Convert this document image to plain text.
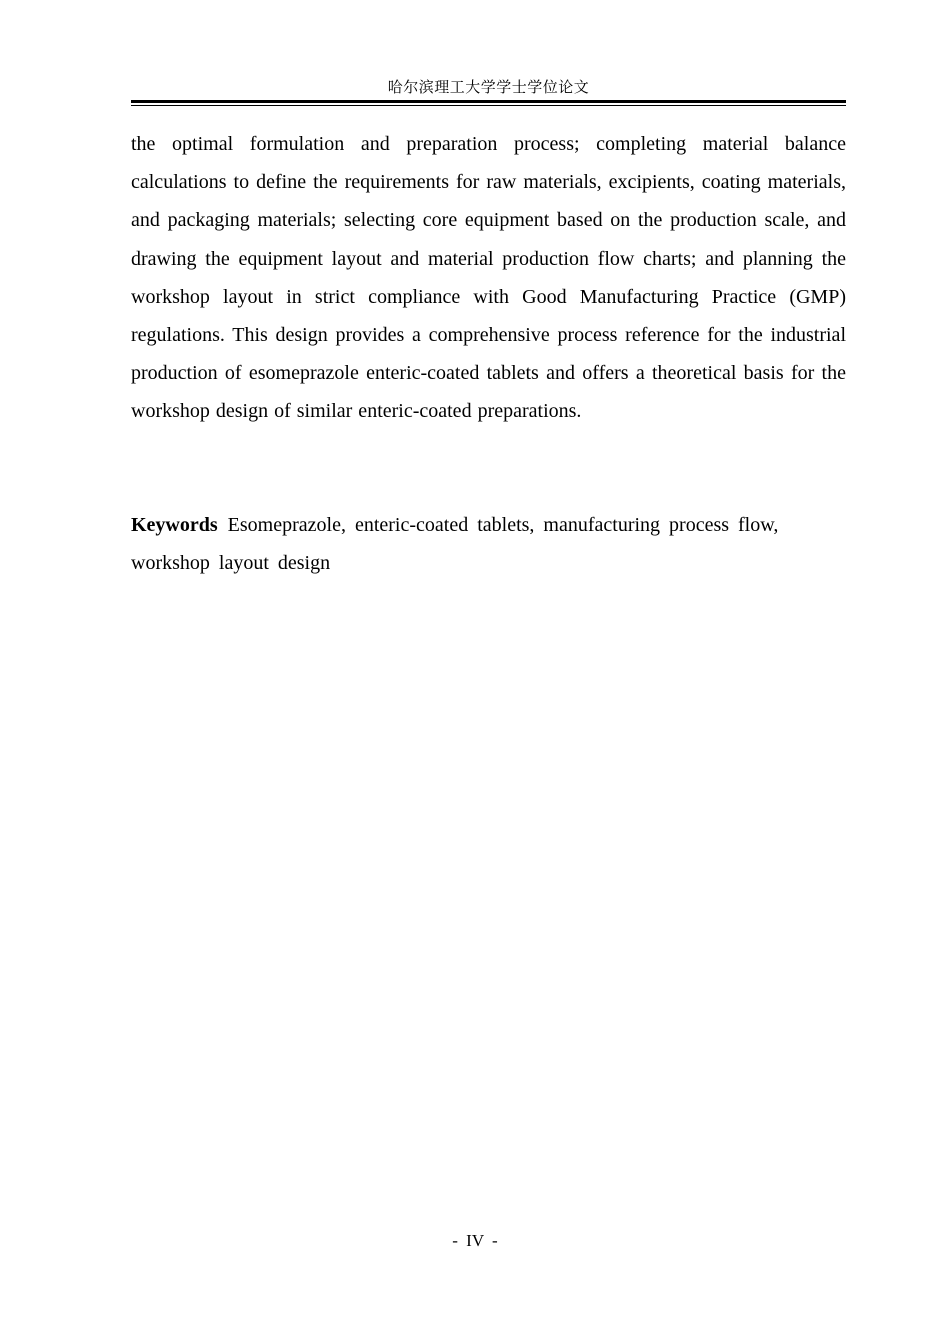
哈尔滨理工大学学士学位论文

the optimal formulation and preparation process; completing material balance calculations to define the requirements for raw materials, excipients, coating materials, and packaging materials; selecting core equipment based on the production scale, and drawing the equipment layout and material production flow charts; and planning the workshop layout in strict compliance with Good Manufacturing Practice (GMP) regulations. This design provides a comprehensive process reference for the industrial production of esomeprazole enteric-coated tablets and offers a theoretical basis for the workshop design of similar enteric-coated preparations.

Keywords Esomeprazole, enteric-coated tablets, manufacturing process flow, workshop layout design
- IV -
